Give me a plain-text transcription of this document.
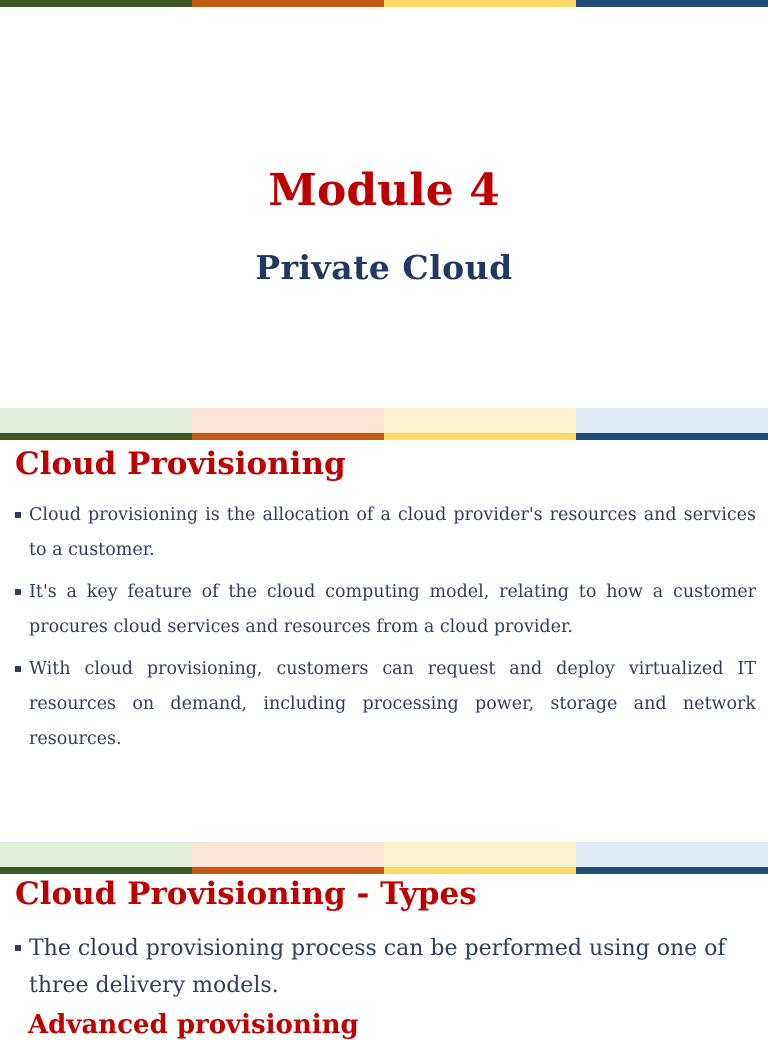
Module 4
Private Cloud
Cloud Provisioning
Cloud provisioning is the allocation of a cloud provider's resources and services to a customer.
It's a key feature of the cloud computing model, relating to how a customer procures cloud services and resources from a cloud provider.
With cloud provisioning, customers can request and deploy virtualized IT resources on demand, including processing power, storage and network resources.
Cloud Provisioning - Types
The cloud provisioning process can be performed using one of three delivery models.

Advanced provisioning
